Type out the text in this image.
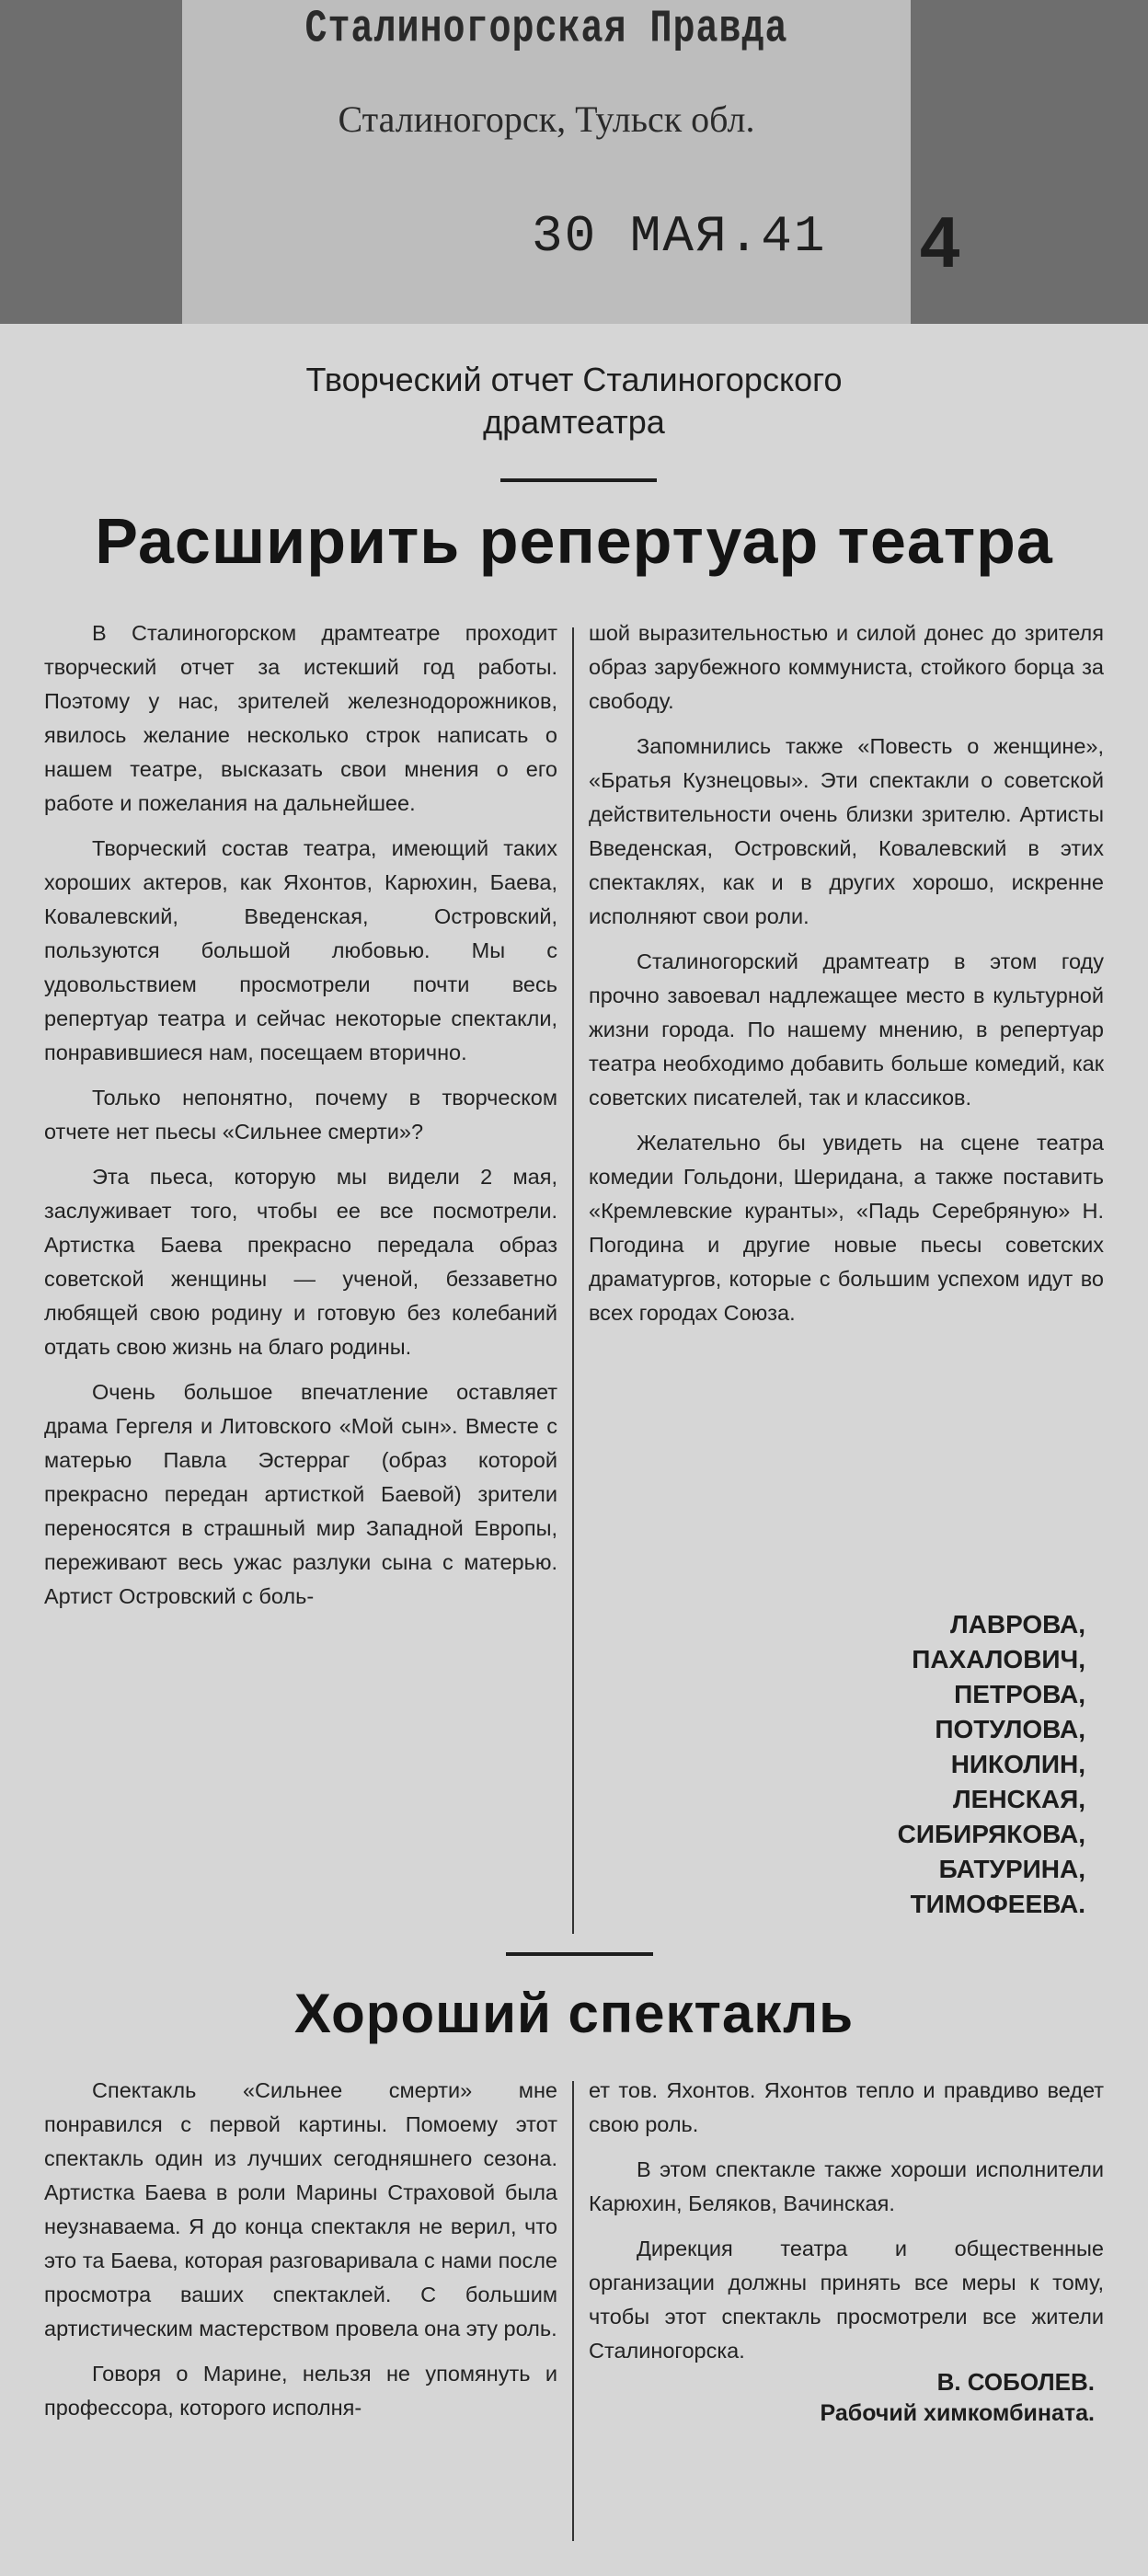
Сталиногорская Правда
Сталиногорск, Тульск обл.
30 МАЯ.41 4
Творческий отчет Сталиногорского
драмтеатра
Расширить репертуар театра

В Сталиногорском драмтеатре проходит творческий отчет за истекший год работы. Поэтому у нас, зрителей железнодорожников, явилось желание несколько строк написать о нашем театре, высказать свои мнения о его работе и пожелания на дальнейшее.

Творческий состав театра, имеющий таких хороших актеров, как Яхонтов, Карюхин, Баева, Ковалевский, Введенская, Островский, пользуются большой любовью. Мы с удовольствием просмотрели почти весь репертуар театра и сейчас некоторые спектакли, понравившиеся нам, посещаем вторично.

Только непонятно, почему в творческом отчете нет пьесы «Сильнее смерти»?

Эта пьеса, которую мы видели 2 мая, заслуживает того, чтобы ее все посмотрели. Артистка Баева прекрасно передала образ советской женщины — ученой, беззаветно любящей свою родину и готовую без колебаний отдать свою жизнь на благо родины.

Очень большое впечатление оставляет драма Гергеля и Литовского «Мой сын». Вместе с матерью Павла Эстерраг (образ которой прекрасно передан артисткой Баевой) зрители переносятся в страшный мир Западной Европы, переживают весь ужас разлуки сына с матерью. Артист Островский с боль-

шой выразительностью и силой донес до зрителя образ зарубежного коммуниста, стойкого борца за свободу.

Запомнились также «Повесть о женщине», «Братья Кузнецовы». Эти спектакли о советской действительности очень близки зрителю. Артисты Введенская, Островский, Ковалевский в этих спектаклях, как и в других хорошо, искренне исполняют свои роли.

Сталиногорский драмтеатр в этом году прочно завоевал надлежащее место в культурной жизни города. По нашему мнению, в репертуар театра необходимо добавить больше комедий, как советских писателей, так и классиков.

Желательно бы увидеть на сцене театра комедии Гольдони, Шеридана, а также поставить «Кремлевские куранты», «Падь Серебряную» Н. Погодина и другие новые пьесы советских драматургов, которые с большим успехом идут во всех городах Союза.

ЛАВРОВА,
ПАХАЛОВИЧ,
ПЕТРОВА,
ПОТУЛОВА,
НИКОЛИН,
ЛЕНСКАЯ,
СИБИРЯКОВА,
БАТУРИНА,
ТИМОФЕЕВА.
Хороший спектакль

Спектакль «Сильнее смерти» мне понравился с первой картины. Помоему этот спектакль один из лучших сегодняшнего сезона. Артистка Баева в роли Марины Страховой была неузнаваема. Я до конца спектакля не верил, что это та Баева, которая разговаривала с нами после просмотра ваших спектаклей. С большим артистическим мастерством провела она эту роль.

Говоря о Марине, нельзя не упомянуть и профессора, которого исполня-

ет тов. Яхонтов. Яхонтов тепло и правдиво ведет свою роль.

В этом спектакле также хороши исполнители Карюхин, Беляков, Вачинская.

Дирекция театра и общественные организации должны принять все меры к тому, чтобы этот спектакль просмотрели все жители Сталиногорска.

В. СОБОЛЕВ.
Рабочий химкомбината.
